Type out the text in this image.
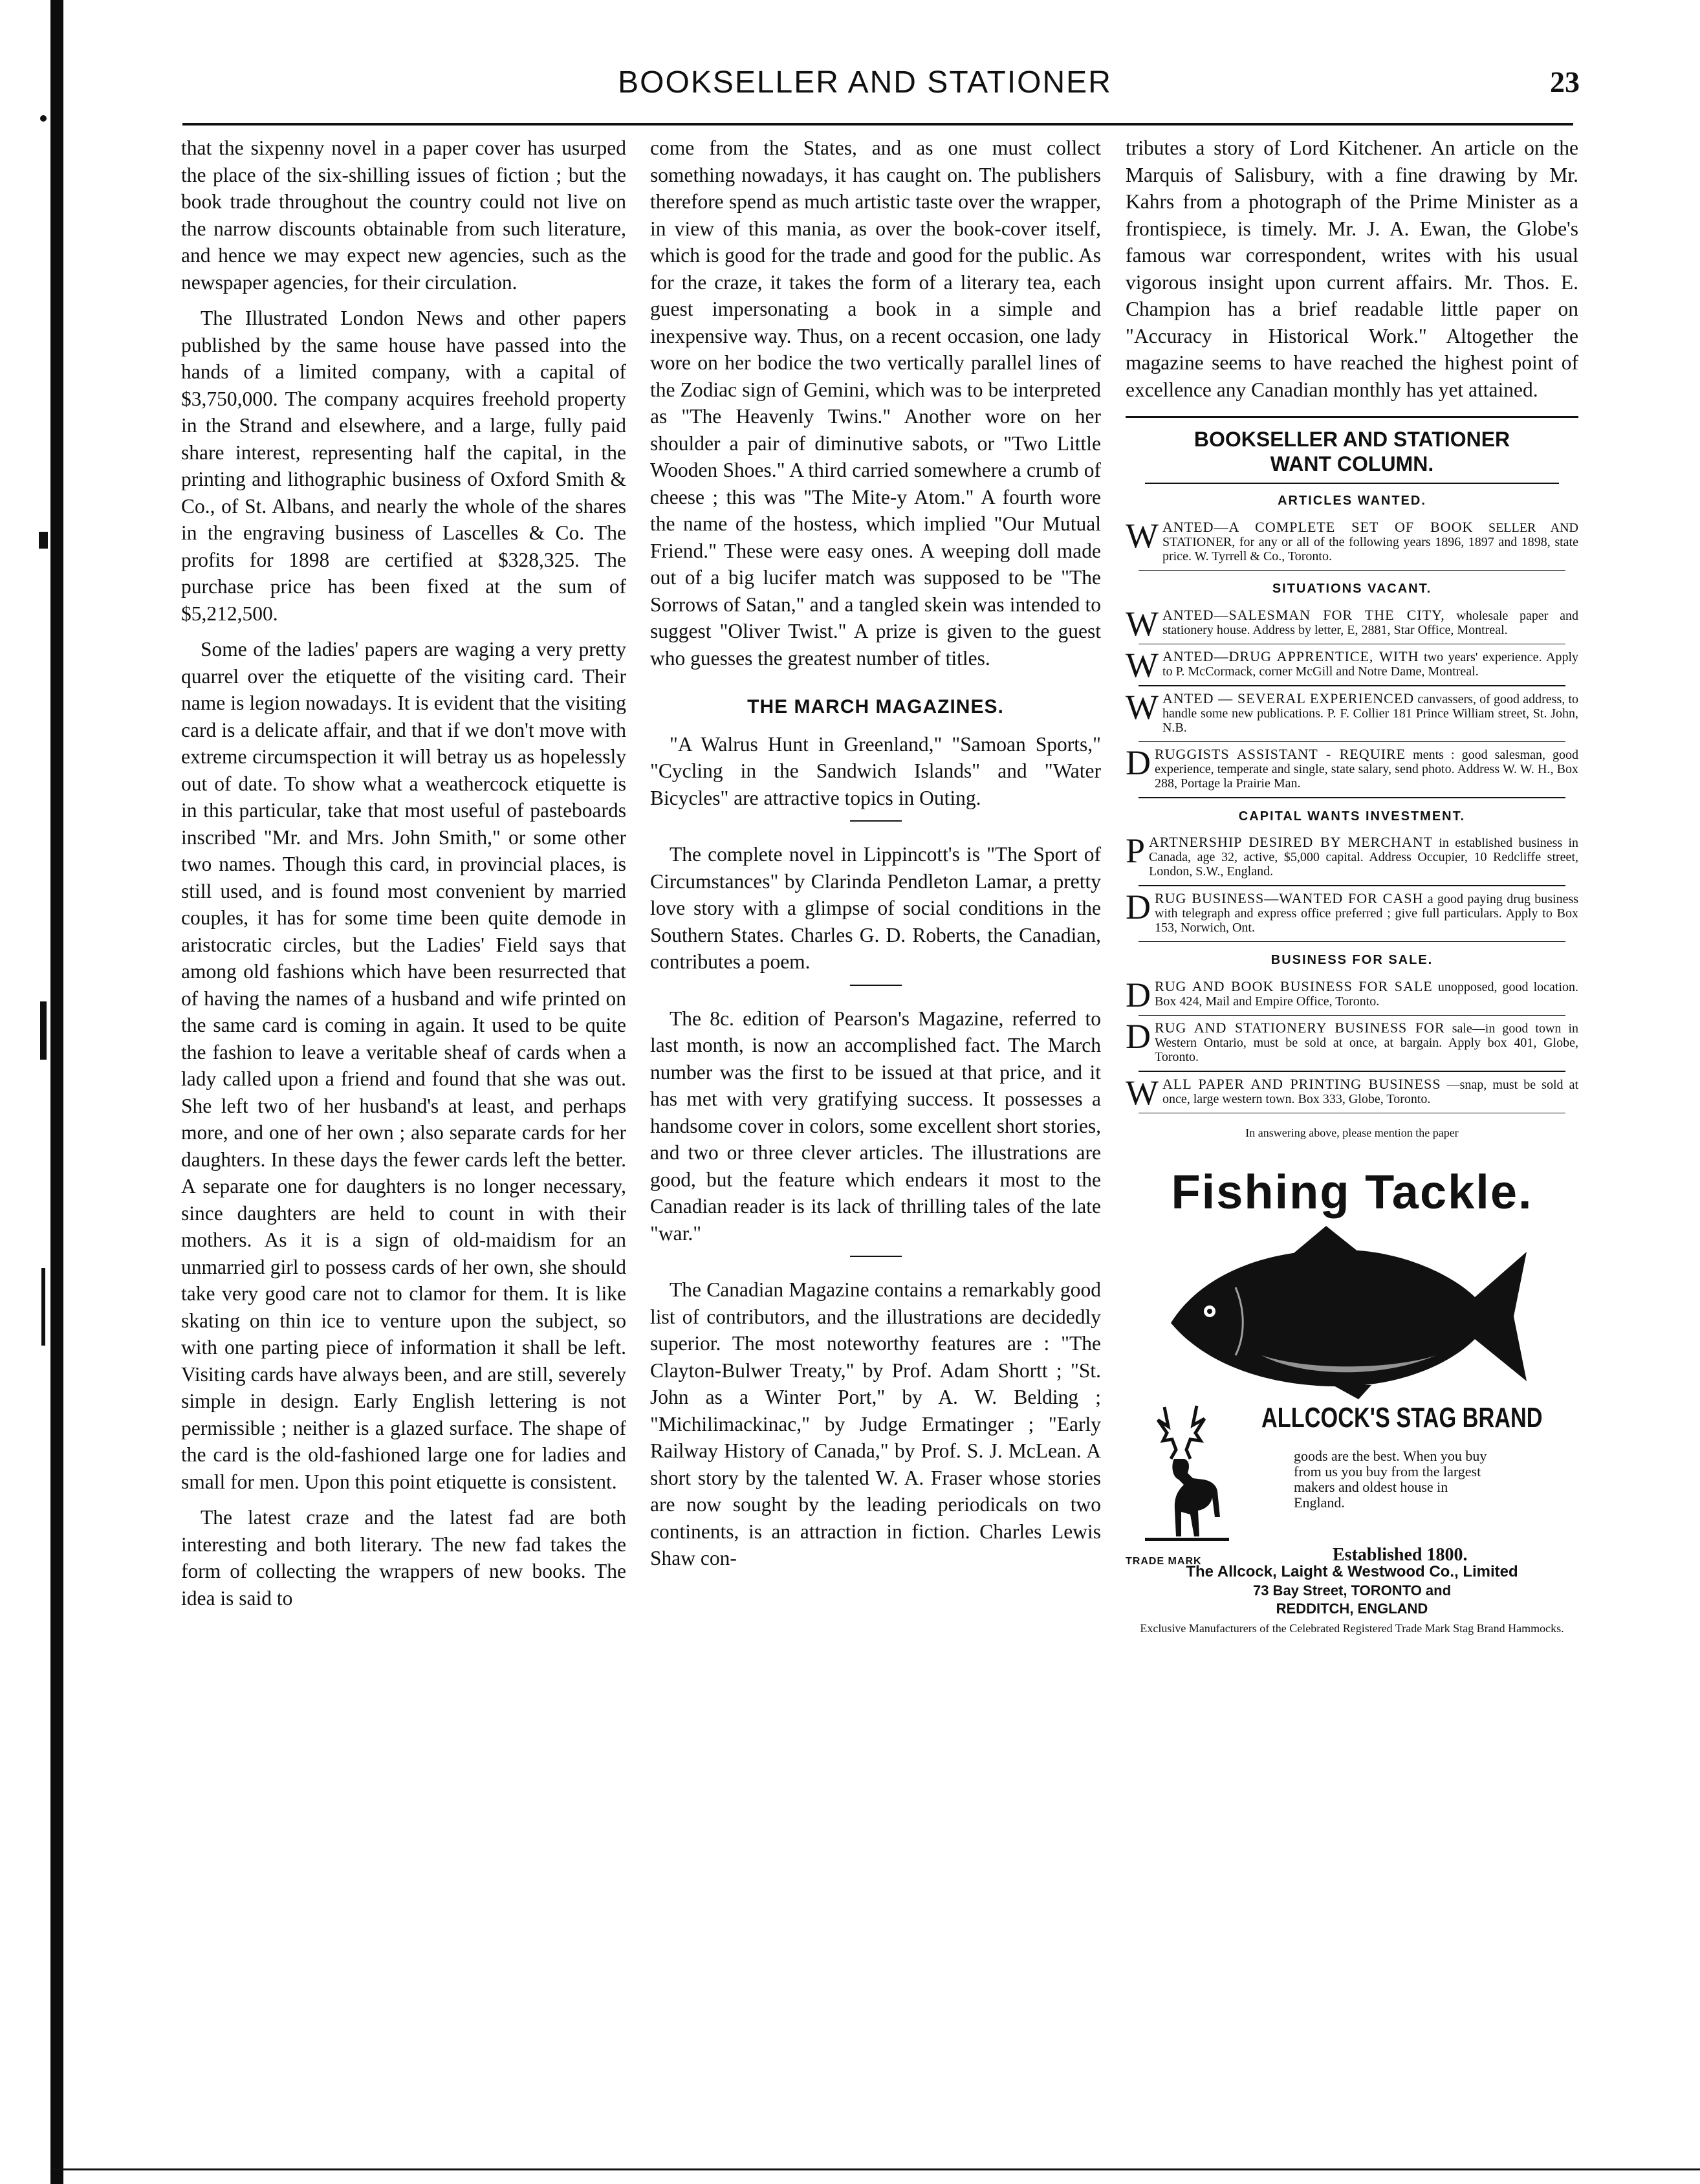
BOOKSELLER AND STATIONER	23

that the sixpenny novel in a paper cover has usurped the place of the six-shilling issues of fiction ; but the book trade throughout the country could not live on the narrow discounts obtainable from such literature, and hence we may expect new agencies, such as the newspaper agencies, for their circulation.

The Illustrated London News and other papers published by the same house have passed into the hands of a limited company, with a capital of $3,750,000. The company acquires freehold property in the Strand and elsewhere, and a large, fully paid share interest, representing half the capital, in the printing and lithographic business of Oxford Smith & Co., of St. Albans, and nearly the whole of the shares in the engraving business of Lascelles & Co. The profits for 1898 are certified at $328,325. The purchase price has been fixed at the sum of $5,212,500.

Some of the ladies' papers are waging a very pretty quarrel over the etiquette of the visiting card. Their name is legion nowadays. It is evident that the visiting card is a delicate affair, and that if we don't move with extreme circumspection it will betray us as hopelessly out of date. To show what a weathercock etiquette is in this particular, take that most useful of pasteboards inscribed "Mr. and Mrs. John Smith," or some other two names. Though this card, in provincial places, is still used, and is found most convenient by married couples, it has for some time been quite demode in aristocratic circles, but the Ladies' Field says that among old fashions which have been resurrected that of having the names of a husband and wife printed on the same card is coming in again. It used to be quite the fashion to leave a veritable sheaf of cards when a lady called upon a friend and found that she was out. She left two of her husband's at least, and perhaps more, and one of her own ; also separate cards for her daughters. In these days the fewer cards left the better. A separate one for daughters is no longer necessary, since daughters are held to count in with their mothers. As it is a sign of old-maidism for an unmarried girl to possess cards of her own, she should take very good care not to clamor for them. It is like skating on thin ice to venture upon the subject, so with one parting piece of information it shall be left. Visiting cards have always been, and are still, severely simple in design. Early English lettering is not permissible ; neither is a glazed surface. The shape of the card is the old-fashioned large one for ladies and small for men. Upon this point etiquette is consistent.

The latest craze and the latest fad are both interesting and both literary. The new fad takes the form of collecting the wrappers of new books. The idea is said to

come from the States, and as one must collect something nowadays, it has caught on. The publishers therefore spend as much artistic taste over the wrapper, in view of this mania, as over the book-cover itself, which is good for the trade and good for the public. As for the craze, it takes the form of a literary tea, each guest impersonating a book in a simple and inexpensive way. Thus, on a recent occasion, one lady wore on her bodice the two vertically parallel lines of the Zodiac sign of Gemini, which was to be interpreted as "The Heavenly Twins." Another wore on her shoulder a pair of diminutive sabots, or "Two Little Wooden Shoes." A third carried somewhere a crumb of cheese ; this was "The Mite-y Atom." A fourth wore the name of the hostess, which implied "Our Mutual Friend." These were easy ones. A weeping doll made out of a big lucifer match was supposed to be "The Sorrows of Satan," and a tangled skein was intended to suggest "Oliver Twist." A prize is given to the guest who guesses the greatest number of titles.

THE MARCH MAGAZINES.

"A Walrus Hunt in Greenland," "Samoan Sports," "Cycling in the Sandwich Islands" and "Water Bicycles" are attractive topics in Outing.

The complete novel in Lippincott's is "The Sport of Circumstances" by Clarinda Pendleton Lamar, a pretty love story with a glimpse of social conditions in the Southern States. Charles G. D. Roberts, the Canadian, contributes a poem.

The 8c. edition of Pearson's Magazine, referred to last month, is now an accomplished fact. The March number was the first to be issued at that price, and it has met with very gratifying success. It possesses a handsome cover in colors, some excellent short stories, and two or three clever articles. The illustrations are good, but the feature which endears it most to the Canadian reader is its lack of thrilling tales of the late "war."

The Canadian Magazine contains a remarkably good list of contributors, and the illustrations are decidedly superior. The most noteworthy features are : "The Clayton-Bulwer Treaty," by Prof. Adam Shortt ; "St. John as a Winter Port," by A. W. Belding ; "Michilimackinac," by Judge Ermatinger ; "Early Railway History of Canada," by Prof. S. J. McLean. A short story by the talented W. A. Fraser whose stories are now sought by the leading periodicals on two continents, is an attraction in fiction. Charles Lewis Shaw con-

tributes a story of Lord Kitchener. An article on the Marquis of Salisbury, with a fine drawing by Mr. Kahrs from a photograph of the Prime Minister as a frontispiece, is timely. Mr. J. A. Ewan, the Globe's famous war correspondent, writes with his usual vigorous insight upon current affairs. Mr. Thos. E. Champion has a brief readable little paper on "Accuracy in Historical Work." Altogether the magazine seems to have reached the highest point of excellence any Canadian monthly has yet attained.

BOOKSELLER AND STATIONER
WANT COLUMN.
ARTICLES WANTED.
W ANTED—A COMPLETE SET OF BOOK SELLER AND STATIONER, for any or all of the following years 1896, 1897 and 1898, state price. W. Tyrrell & Co., Toronto.
SITUATIONS VACANT.
W ANTED—SALESMAN FOR THE CITY, wholesale paper and stationery house. Address by letter, E, 2881, Star Office, Montreal.
W ANTED—DRUG APPRENTICE, WITH two years' experience. Apply to P. McCormack, corner McGill and Notre Dame, Montreal.
W ANTED — SEVERAL EXPERIENCED canvassers, of good address, to handle some new publications. P. F. Collier 181 Prince William street, St. John, N.B.
D RUGGISTS ASSISTANT - REQUIRE ments : good salesman, good experience, temperate and single, state salary, send photo. Address W. W. H., Box 288, Portage la Prairie Man.
CAPITAL WANTS INVESTMENT.
P ARTNERSHIP DESIRED BY MERCHANT in established business in Canada, age 32, active, $5,000 capital. Address Occupier, 10 Redcliffe street, London, S.W., England.
D RUG BUSINESS—WANTED FOR CASH a good paying drug business with telegraph and express office preferred ; give full particulars. Apply to Box 153, Norwich, Ont.
BUSINESS FOR SALE.
D RUG AND BOOK BUSINESS FOR SALE unopposed, good location. Box 424, Mail and Empire Office, Toronto.
D RUG AND STATIONERY BUSINESS FOR sale—in good town in Western Ontario, must be sold at once, at bargain. Apply box 401, Globe, Toronto.
W ALL PAPER AND PRINTING BUSINESS —snap, must be sold at once, large western town. Box 333, Globe, Toronto.
In answering above, please mention the paper
Fishing Tackle.
TRADE MARK
ALLCOCK'S STAG BRAND
goods are the best. When you buy from us you buy from the largest makers and oldest house in England.
Established 1800.
The Allcock, Laight & Westwood Co., Limited
73 Bay Street, TORONTO and
REDDITCH, ENGLAND
Exclusive Manufacturers of the Celebrated Registered Trade Mark Stag Brand Hammocks.
